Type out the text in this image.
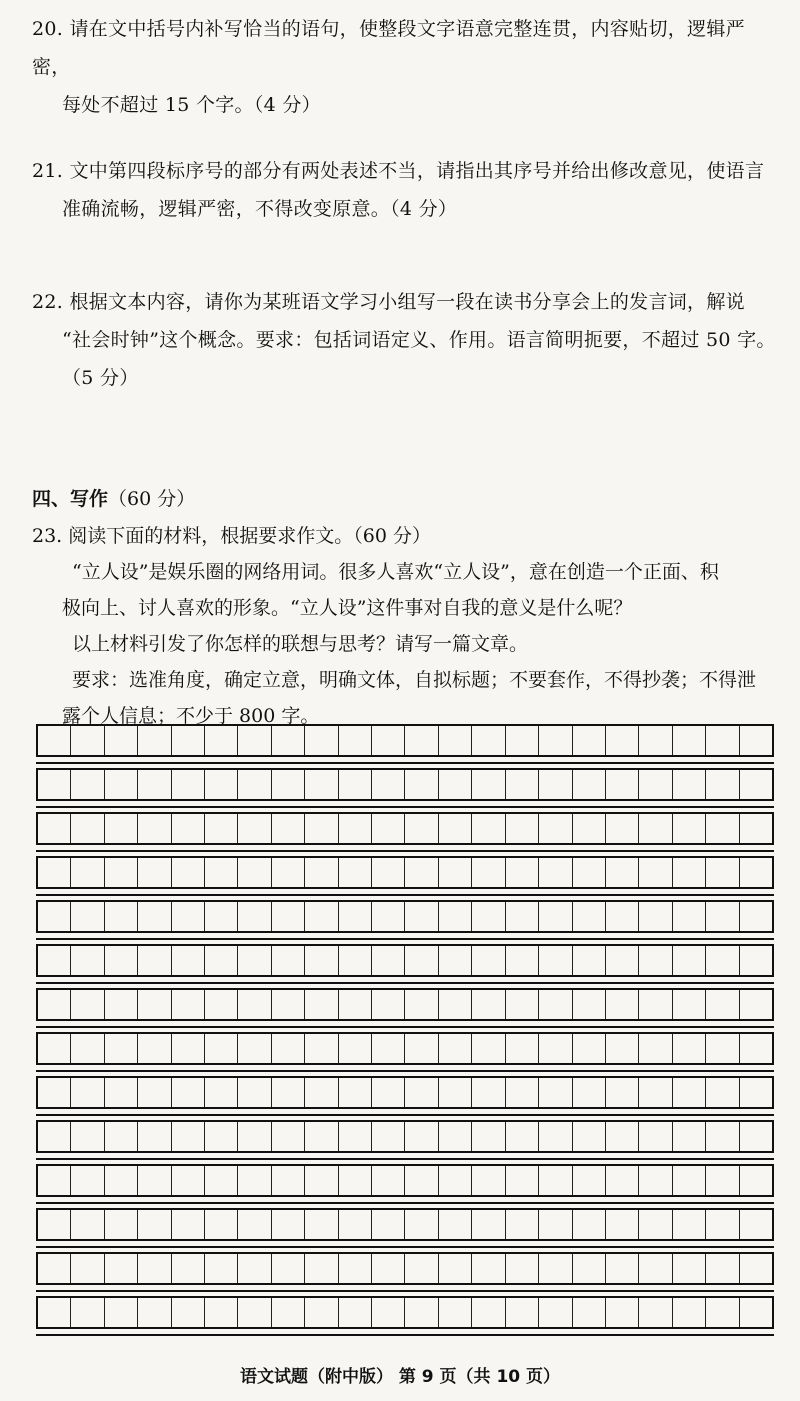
20. 请在文中括号内补写恰当的语句，使整段文字语意完整连贯，内容贴切，逻辑严密，

每处不超过 15 个字。（4 分）
21. 文中第四段标序号的部分有两处表述不当，请指出其序号并给出修改意见，使语言

准确流畅，逻辑严密，不得改变原意。（4 分）
22. 根据文本内容，请你为某班语文学习小组写一段在读书分享会上的发言词，解说

“社会时钟”这个概念。要求：包括词语定义、作用。语言简明扼要，不超过 50 字。
（5 分）
四、写作（60 分）

23. 阅读下面的材料，根据要求作文。（60 分）

“立人设”是娱乐圈的网络用词。很多人喜欢“立人设”，意在创造一个正面、积

极向上、讨人喜欢的形象。“立人设”这件事对自我的意义是什么呢？

以上材料引发了你怎样的联想与思考？请写一篇文章。

要求：选准角度，确定立意，明确文体，自拟标题；不要套作，不得抄袭；不得泄

露个人信息；不少于 800 字。

语文试题（附中版） 第 9 页（共 10 页）
